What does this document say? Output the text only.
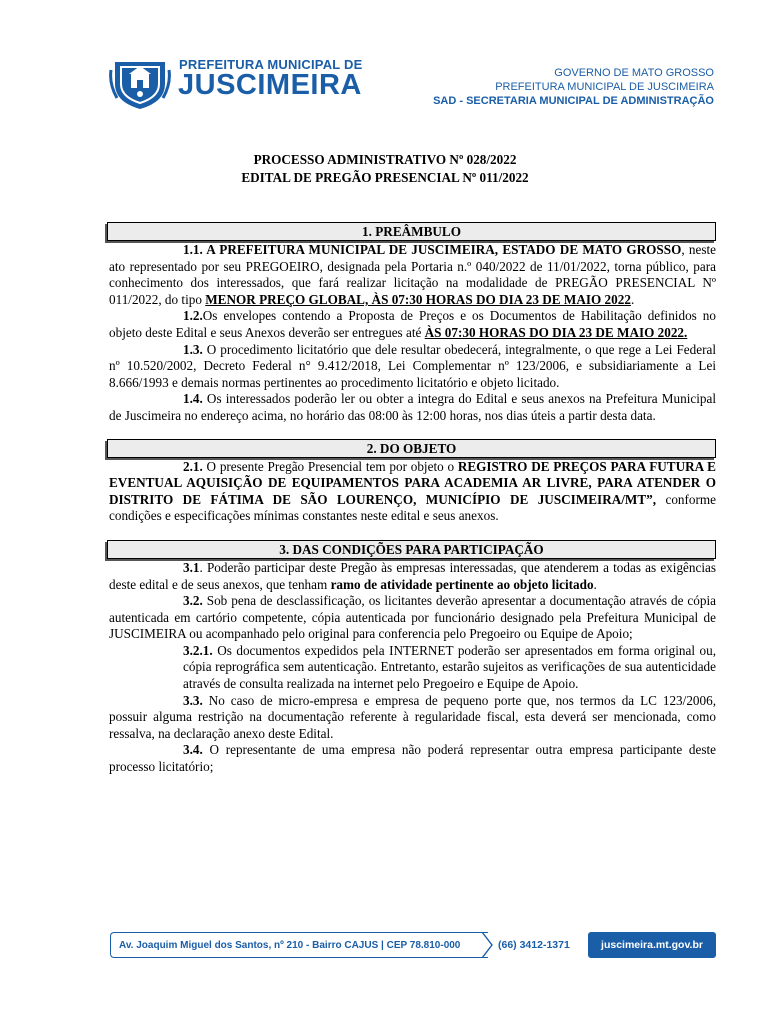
PREFEITURA MUNICIPAL DE
JUSCIMEIRA	GOVERNO DE MATO GROSSO
PREFEITURA MUNICIPAL DE JUSCIMEIRA
SAD - SECRETARIA MUNICIPAL DE ADMINISTRAÇÃO
PROCESSO ADMINISTRATIVO Nº 028/2022
EDITAL DE PREGÃO PRESENCIAL Nº 011/2022
1. PREÂMBULO

1.1. A PREFEITURA MUNICIPAL DE JUSCIMEIRA, ESTADO DE MATO GROSSO, neste ato representado por seu PREGOEIRO, designada pela Portaria n.º 040/2022 de 11/01/2022, torna público, para conhecimento dos interessados, que fará realizar licitação na modalidade de PREGÃO PRESENCIAL Nº 011/2022, do tipo MENOR PREÇO GLOBAL, ÀS 07:30 HORAS DO DIA 23 DE MAIO 2022.

1.2.Os envelopes contendo a Proposta de Preços e os Documentos de Habilitação definidos no objeto deste Edital e seus Anexos deverão ser entregues até ÀS 07:30 HORAS DO DIA 23 DE MAIO 2022.

1.3. O procedimento licitatório que dele resultar obedecerá, integralmente, o que rege a Lei Federal nº 10.520/2002, Decreto Federal n° 9.412/2018, Lei Complementar nº 123/2006, e subsidiariamente a Lei 8.666/1993 e demais normas pertinentes ao procedimento licitatório e objeto licitado.

1.4. Os interessados poderão ler ou obter a integra do Edital e seus anexos na Prefeitura Municipal de Juscimeira no endereço acima, no horário das 08:00 às 12:00 horas, nos dias úteis a partir desta data.

2. DO OBJETO

2.1. O presente Pregão Presencial tem por objeto o REGISTRO DE PREÇOS PARA FUTURA E EVENTUAL AQUISIÇÃO DE EQUIPAMENTOS PARA ACADEMIA AR LIVRE, PARA ATENDER O DISTRITO DE FÁTIMA DE SÃO LOURENÇO, MUNICÍPIO DE JUSCIMEIRA/MT”, conforme condições e especificações mínimas constantes neste edital e seus anexos.

3. DAS CONDIÇÕES PARA PARTICIPAÇÃO

3.1. Poderão participar deste Pregão às empresas interessadas, que atenderem a todas as exigências deste edital e de seus anexos, que tenham ramo de atividade pertinente ao objeto licitado.

3.2. Sob pena de desclassificação, os licitantes deverão apresentar a documentação através de cópia autenticada em cartório competente, cópia autenticada por funcionário designado pela Prefeitura Municipal de JUSCIMEIRA ou acompanhado pelo original para conferencia pelo Pregoeiro ou Equipe de Apoio;

3.2.1. Os documentos expedidos pela INTERNET poderão ser apresentados em forma original ou, cópia reprográfica sem autenticação. Entretanto, estarão sujeitos as verificações de sua autenticidade através de consulta realizada na internet pelo Pregoeiro e Equipe de Apoio.

3.3. No caso de micro-empresa e empresa de pequeno porte que, nos termos da LC 123/2006, possuir alguma restrição na documentação referente à regularidade fiscal, esta deverá ser mencionada, como ressalva, na declaração anexo deste Edital.

3.4. O representante de uma empresa não poderá representar outra empresa participante deste processo licitatório;

Av. Joaquim Miguel dos Santos, nº 210 - Bairro CAJUS | CEP 78.810-000	(66) 3412-1371	juscimeira.mt.gov.br
